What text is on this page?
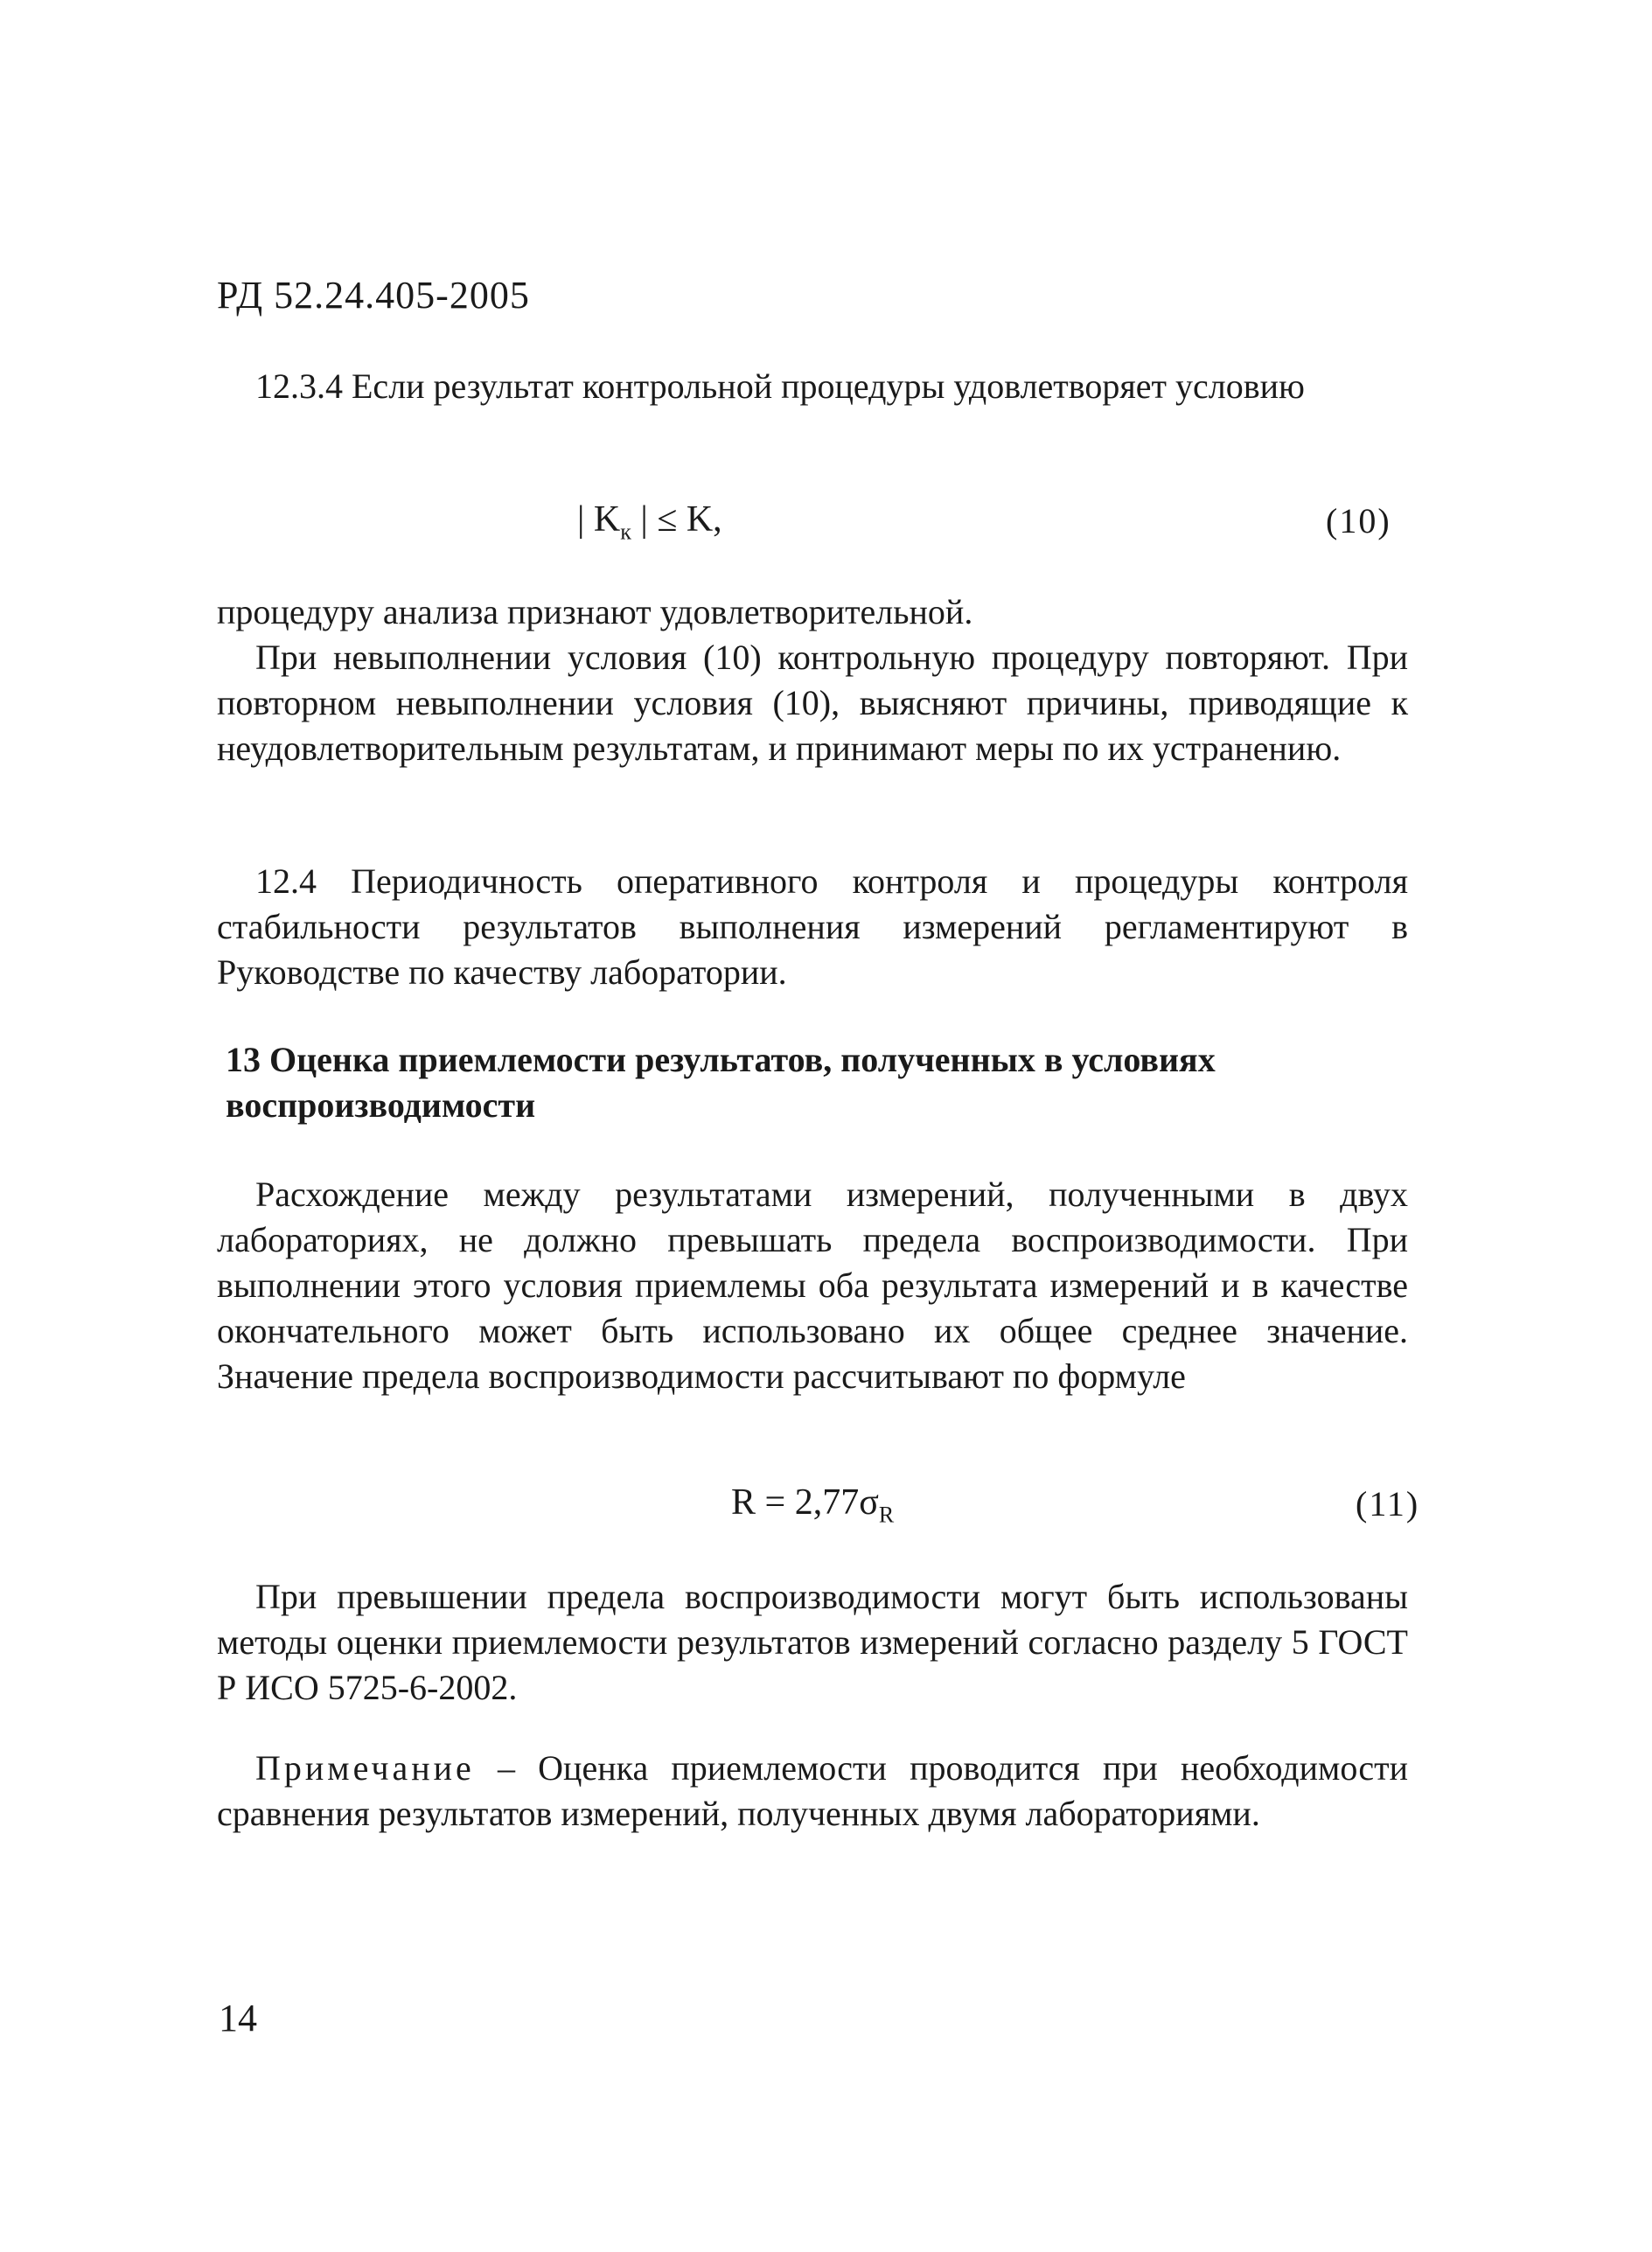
РД 52.24.405-2005

12.3.4 Если результат контрольной процедуры удовлетворяет условию

| $K_к$ | ≤ K,	(10)

процедуру анализа признают удовлетворительной.

При невыполнении условия (10) контрольную процедуру повторяют. При повторном невыполнении условия (10), выясняют причины, приводящие к неудовлетворительным результатам, и принимают меры по их устранению.

12.4 Периодичность оперативного контроля и процедуры контроля стабильности результатов выполнения измерений регламентируют в Руководстве по качеству лаборатории.

13 Оценка приемлемости результатов, полученных в условиях воспроизводимости

Расхождение между результатами измерений, полученными в двух лабораториях, не должно превышать предела воспроизводимости. При выполнении этого условия приемлемы оба результата измерений и в качестве окончательного может быть использовано их общее среднее значение. Значение предела воспроизводимости рассчитывают по формуле

$R = 2,77\sigma_R$	(11)

При превышении предела воспроизводимости могут быть использованы методы оценки приемлемости результатов измерений согласно разделу 5 ГОСТ Р ИСО 5725-6-2002.

Примечание – Оценка приемлемости проводится при необходимости сравнения результатов измерений, полученных двумя лабораториями.

14
